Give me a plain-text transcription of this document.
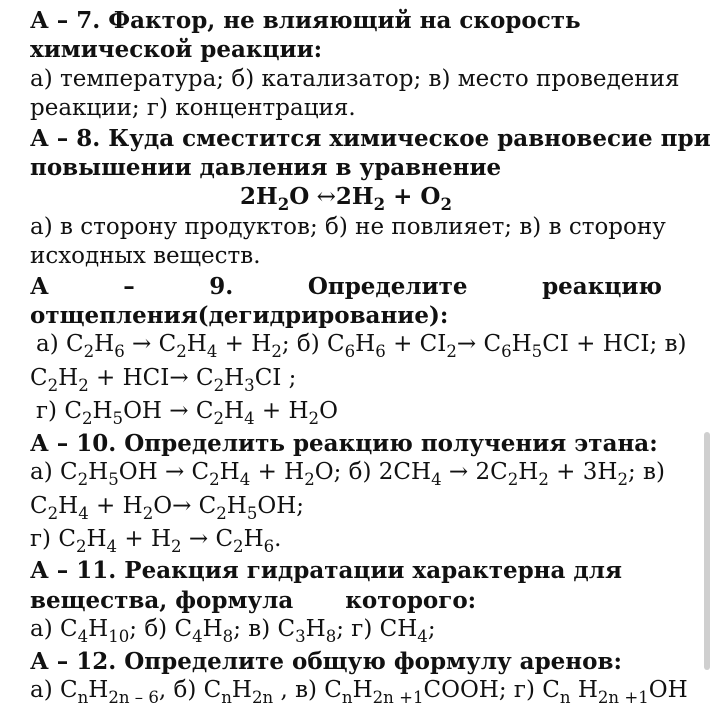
А – 7. Фактор, не влияющий на скорость
химической реакции:
а) температура; б) катализатор; в) место проведения
реакции; г) концентрация.
А – 8. Куда сместится химическое равновесие при
повышении давления в уравнение
$2H_2O$ $\leftrightarrow 2H_2 + O_2$
а) в сторону продуктов; б) не повлияет; в) в сторону
исходных веществ.
А	–	9.	Определите	реакцию
отщепления(дегидрирование):
а) $C_2H_6 \to C_2H_4 + H_2$; б) $C_6H_6 + CI_2\to C_6H_5CI$ + HCI; в)
$C_2H_2 + HCI\to C_2H_3CI$ ;
г) $C_2H_5OH \to C_2H_4 + H_2O$
А – 10. Определить реакцию получения этана:
а) $C_2H_5OH \to C_2H_4 + H_2O$; б) $2CH_4 \to 2C_2H_2 + 3H_2$; в)
$C_2H_4 + H_2O\to C_2H_5OH$;
г) $C_2H_4 + H_2 \to C_2H_6$.
А – 11. Реакция гидратации характерна для
вещества, формула которого:
а) $C_4H_{10}$; б) $C_4H_8$; в) $C_3H_8$; г) $CH_4$;
А – 12. Определите общую формулу аренов:
а) $C_nH_{2n - 6}$, б) $C_nH_{2n}$ , в) $C_nH_{2n +1}COOH$; г) $C_n$ $H_{2n +1}OH$
